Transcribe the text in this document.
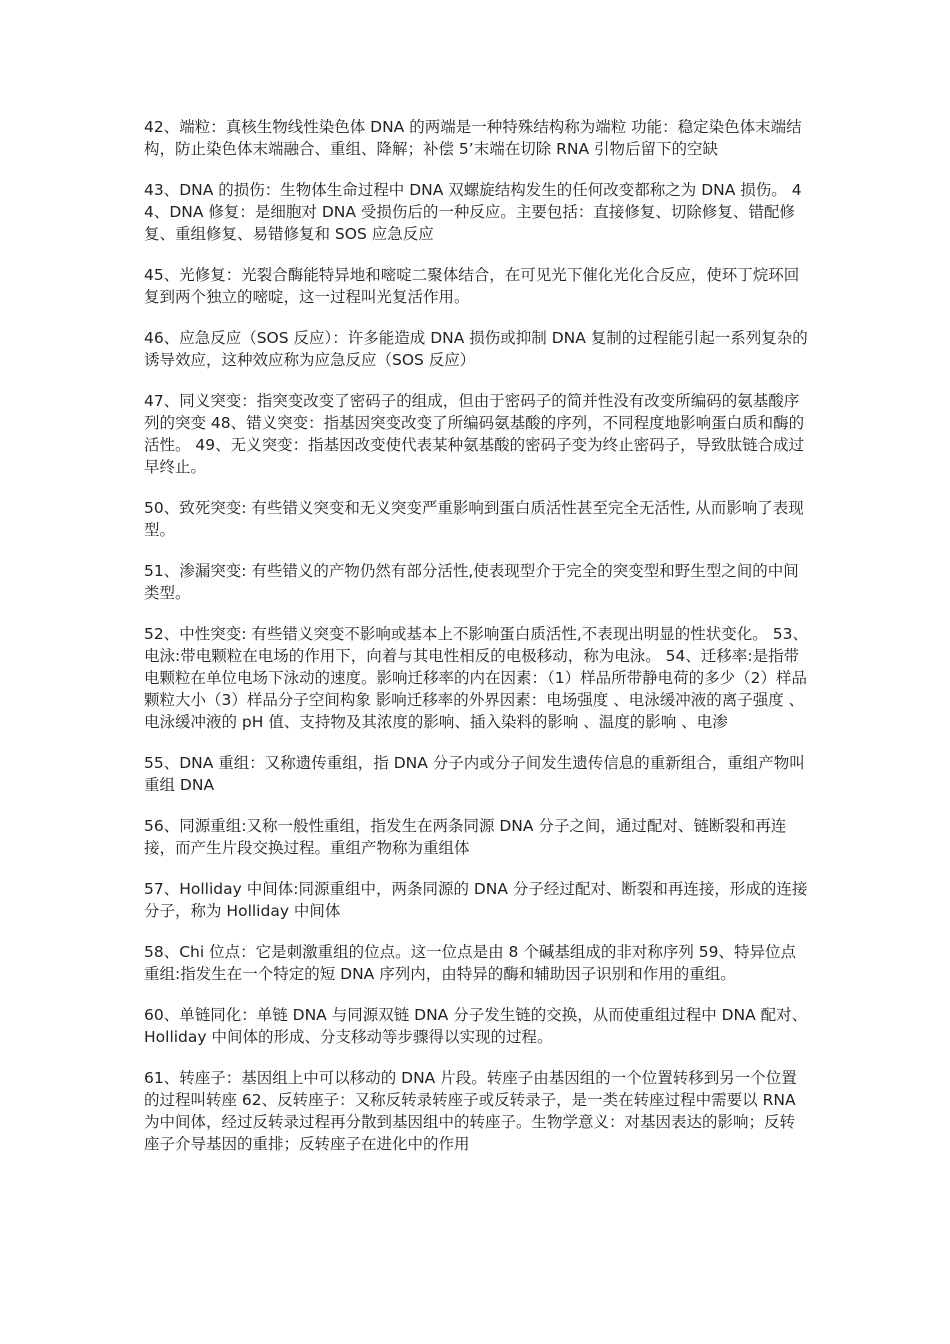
42、端粒：真核生物线性染色体 DNA 的两端是一种特殊结构称为端粒 功能：稳定染色体末端结构，防止染色体末端融合、重组、降解；补偿 5’末端在切除 RNA 引物后留下的空缺

43、DNA 的损伤：生物体生命过程中 DNA 双螺旋结构发生的任何改变都称之为 DNA 损伤。 44、DNA 修复：是细胞对 DNA 受损伤后的一种反应。主要包括：直接修复、切除修复、错配修复、重组修复、易错修复和 SOS 应急反应

45、光修复：光裂合酶能特异地和嘧啶二聚体结合，在可见光下催化光化合反应，使环丁烷环回复到两个独立的嘧啶，这一过程叫光复活作用。

46、应急反应（SOS 反应）：许多能造成 DNA 损伤或抑制 DNA 复制的过程能引起一系列复杂的诱导效应，这种效应称为应急反应（SOS 反应）

47、同义突变：指突变改变了密码子的组成，但由于密码子的简并性没有改变所编码的氨基酸序列的突变 48、错义突变：指基因突变改变了所编码氨基酸的序列，不同程度地影响蛋白质和酶的活性。 49、无义突变：指基因改变使代表某种氨基酸的密码子变为终止密码子，导致肽链合成过早终止。

50、致死突变: 有些错义突变和无义突变严重影响到蛋白质活性甚至完全无活性, 从而影响了表现型。

51、渗漏突变: 有些错义的产物仍然有部分活性,使表现型介于完全的突变型和野生型之间的中间类型。

52、中性突变: 有些错义突变不影响或基本上不影响蛋白质活性,不表现出明显的性状变化。 53、电泳:带电颗粒在电场的作用下，向着与其电性相反的电极移动，称为电泳。 54、迁移率:是指带电颗粒在单位电场下泳动的速度。影响迁移率的内在因素：（1）样品所带静电荷的多少（2）样品颗粒大小（3）样品分子空间构象 影响迁移率的外界因素：电场强度 、电泳缓冲液的离子强度 、电泳缓冲液的 pH 值、支持物及其浓度的影响、插入染料的影响 、温度的影响 、电渗

55、DNA 重组：又称遗传重组，指 DNA 分子内或分子间发生遗传信息的重新组合，重组产物叫重组 DNA

56、同源重组:又称一般性重组，指发生在两条同源 DNA 分子之间，通过配对、链断裂和再连接，而产生片段交换过程。重组产物称为重组体

57、Holliday 中间体:同源重组中，两条同源的 DNA 分子经过配对、断裂和再连接，形成的连接分子，称为 Holliday 中间体

58、Chi 位点：它是刺激重组的位点。这一位点是由 8 个碱基组成的非对称序列 59、特异位点重组:指发生在一个特定的短 DNA 序列内，由特异的酶和辅助因子识别和作用的重组。

60、单链同化：单链 DNA 与同源双链 DNA 分子发生链的交换，从而使重组过程中 DNA 配对、Holliday 中间体的形成、分支移动等步骤得以实现的过程。

61、转座子：基因组上中可以移动的 DNA 片段。转座子由基因组的一个位置转移到另一个位置的过程叫转座 62、反转座子：又称反转录转座子或反转录子，是一类在转座过程中需要以 RNA 为中间体，经过反转录过程再分散到基因组中的转座子。生物学意义：对基因表达的影响；反转座子介导基因的重排；反转座子在进化中的作用
